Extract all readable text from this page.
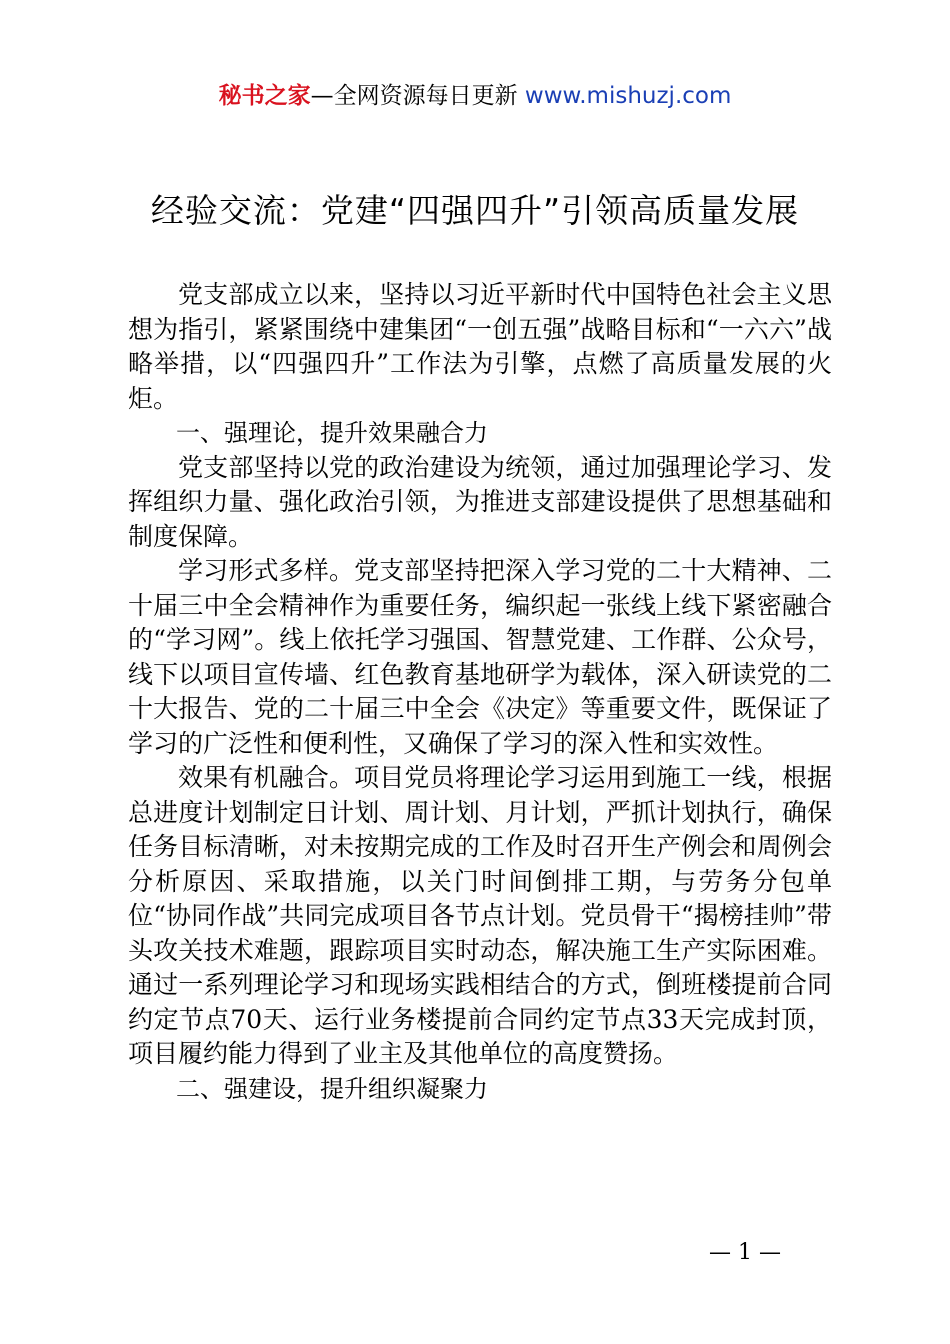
秘书之家—全网资源每日更新 www.mishuzj.com
经验交流：党建“四强四升”引领高质量发展

党支部成立以来，坚持以习近平新时代中国特色社会主义思想为指引，紧紧围绕中建集团“一创五强”战略目标和“一六六”战略举措，以“四强四升”工作法为引擎，点燃了高质量发展的火炬。

一、强理论，提升效果融合力

党支部坚持以党的政治建设为统领，通过加强理论学习、发挥组织力量、强化政治引领，为推进支部建设提供了思想基础和制度保障。

学习形式多样。党支部坚持把深入学习党的二十大精神、二十届三中全会精神作为重要任务，编织起一张线上线下紧密融合的“学习网”。线上依托学习强国、智慧党建、工作群、公众号，线下以项目宣传墙、红色教育基地研学为载体，深入研读党的二十大报告、党的二十届三中全会《决定》等重要文件，既保证了学习的广泛性和便利性，又确保了学习的深入性和实效性。

效果有机融合。项目党员将理论学习运用到施工一线，根据总进度计划制定日计划、周计划、月计划，严抓计划执行，确保任务目标清晰，对未按期完成的工作及时召开生产例会和周例会分析原因、采取措施，以关门时间倒排工期，与劳务分包单位“协同作战”共同完成项目各节点计划。党员骨干“揭榜挂帅”带头攻关技术难题，跟踪项目实时动态，解决施工生产实际困难。通过一系列理论学习和现场实践相结合的方式，倒班楼提前合同约定节点70天、运行业务楼提前合同约定节点33天完成封顶，项目履约能力得到了业主及其他单位的高度赞扬。

二、强建设，提升组织凝聚力

— 1 —
